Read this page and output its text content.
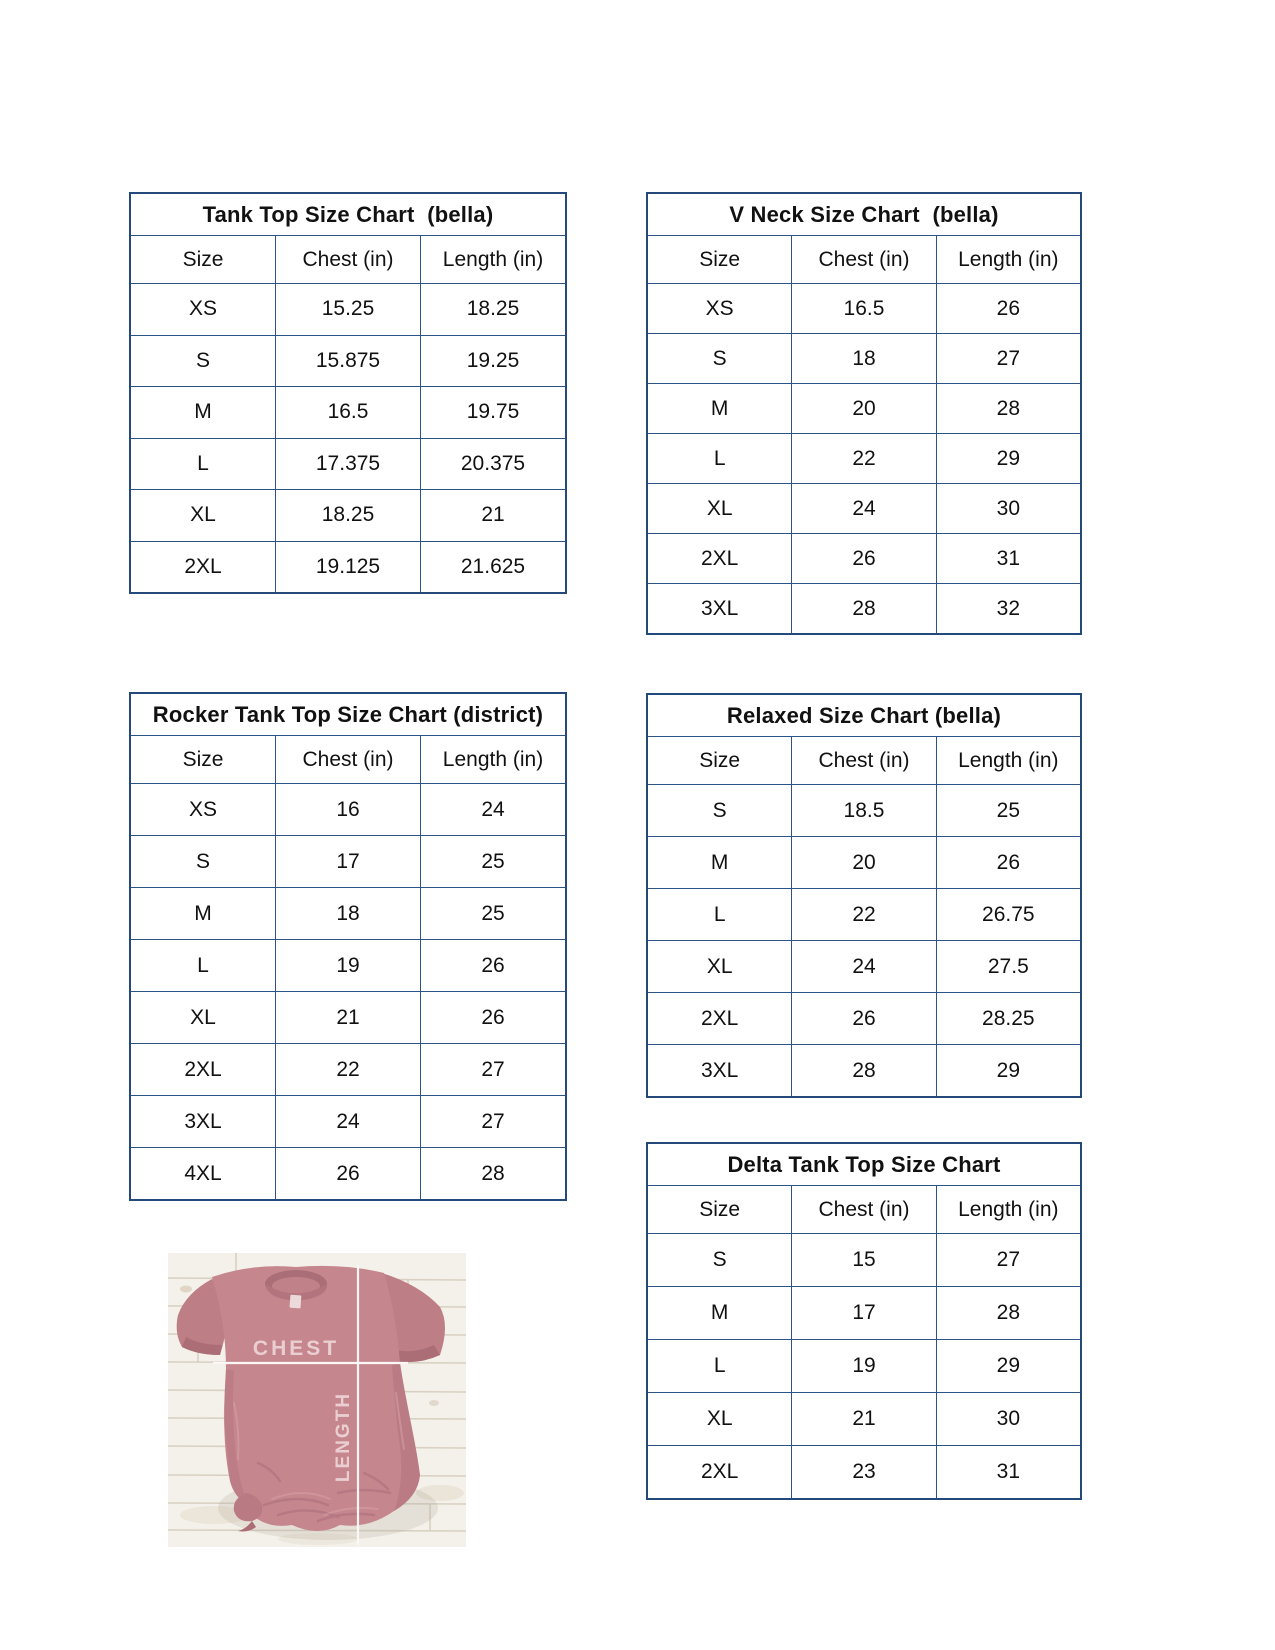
Tank Top Size Chart  (bella)
Size	Chest (in)	Length (in)
XS	15.25	18.25
S	15.875	19.25
M	16.5	19.75
L	17.375	20.375
XL	18.25	21
2XL	19.125	21.625
V Neck Size Chart  (bella)
Size	Chest (in)	Length (in)
XS	16.5	26
S	18	27
M	20	28
L	22	29
XL	24	30
2XL	26	31
3XL	28	32
Rocker Tank Top Size Chart (district)
Size	Chest (in)	Length (in)
XS	16	24
S	17	25
M	18	25
L	19	26
XL	21	26
2XL	22	27
3XL	24	27
4XL	26	28
Relaxed Size Chart (bella)
Size	Chest (in)	Length (in)
S	18.5	25
M	20	26
L	22	26.75
XL	24	27.5
2XL	26	28.25
3XL	28	29
Delta Tank Top Size Chart
Size	Chest (in)	Length (in)
S	15	27
M	17	28
L	19	29
XL	21	30
2XL	23	31
CHEST
LENGTH
